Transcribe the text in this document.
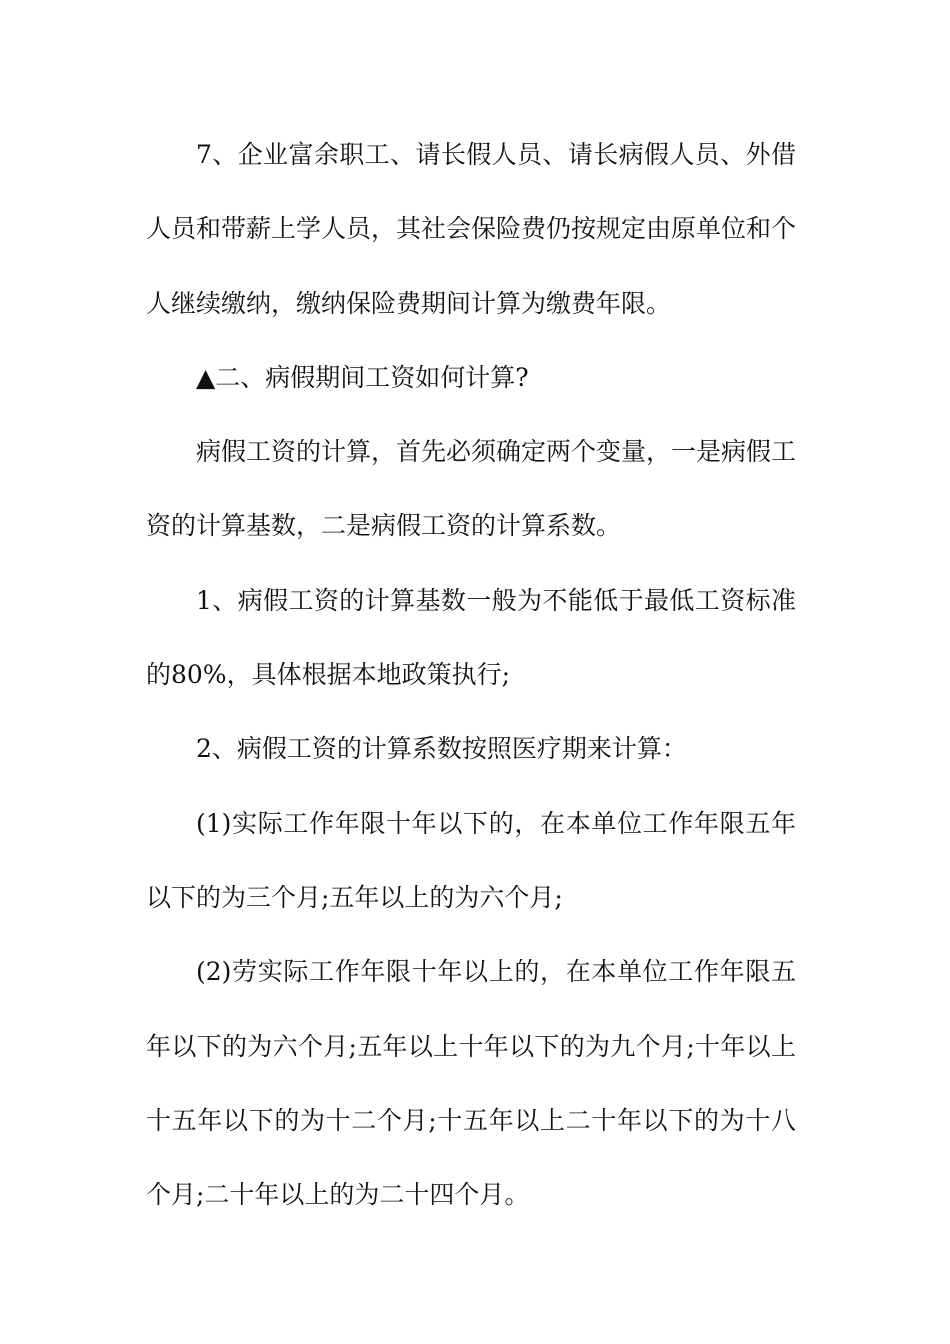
7、企业富余职工、请长假人员、请长病假人员、外借人员和带薪上学人员，其社会保险费仍按规定由原单位和个人继续缴纳，缴纳保险费期间计算为缴费年限。

▲二、病假期间工资如何计算?

病假工资的计算，首先必须确定两个变量，一是病假工资的计算基数，二是病假工资的计算系数。

1、病假工资的计算基数一般为不能低于最低工资标准的80%，具体根据本地政策执行;

2、病假工资的计算系数按照医疗期来计算：

(1)实际工作年限十年以下的，在本单位工作年限五年以下的为三个月;五年以上的为六个月;

(2)劳实际工作年限十年以上的，在本单位工作年限五年以下的为六个月;五年以上十年以下的为九个月;十年以上十五年以下的为十二个月;十五年以上二十年以下的为十八个月;二十年以上的为二十四个月。
